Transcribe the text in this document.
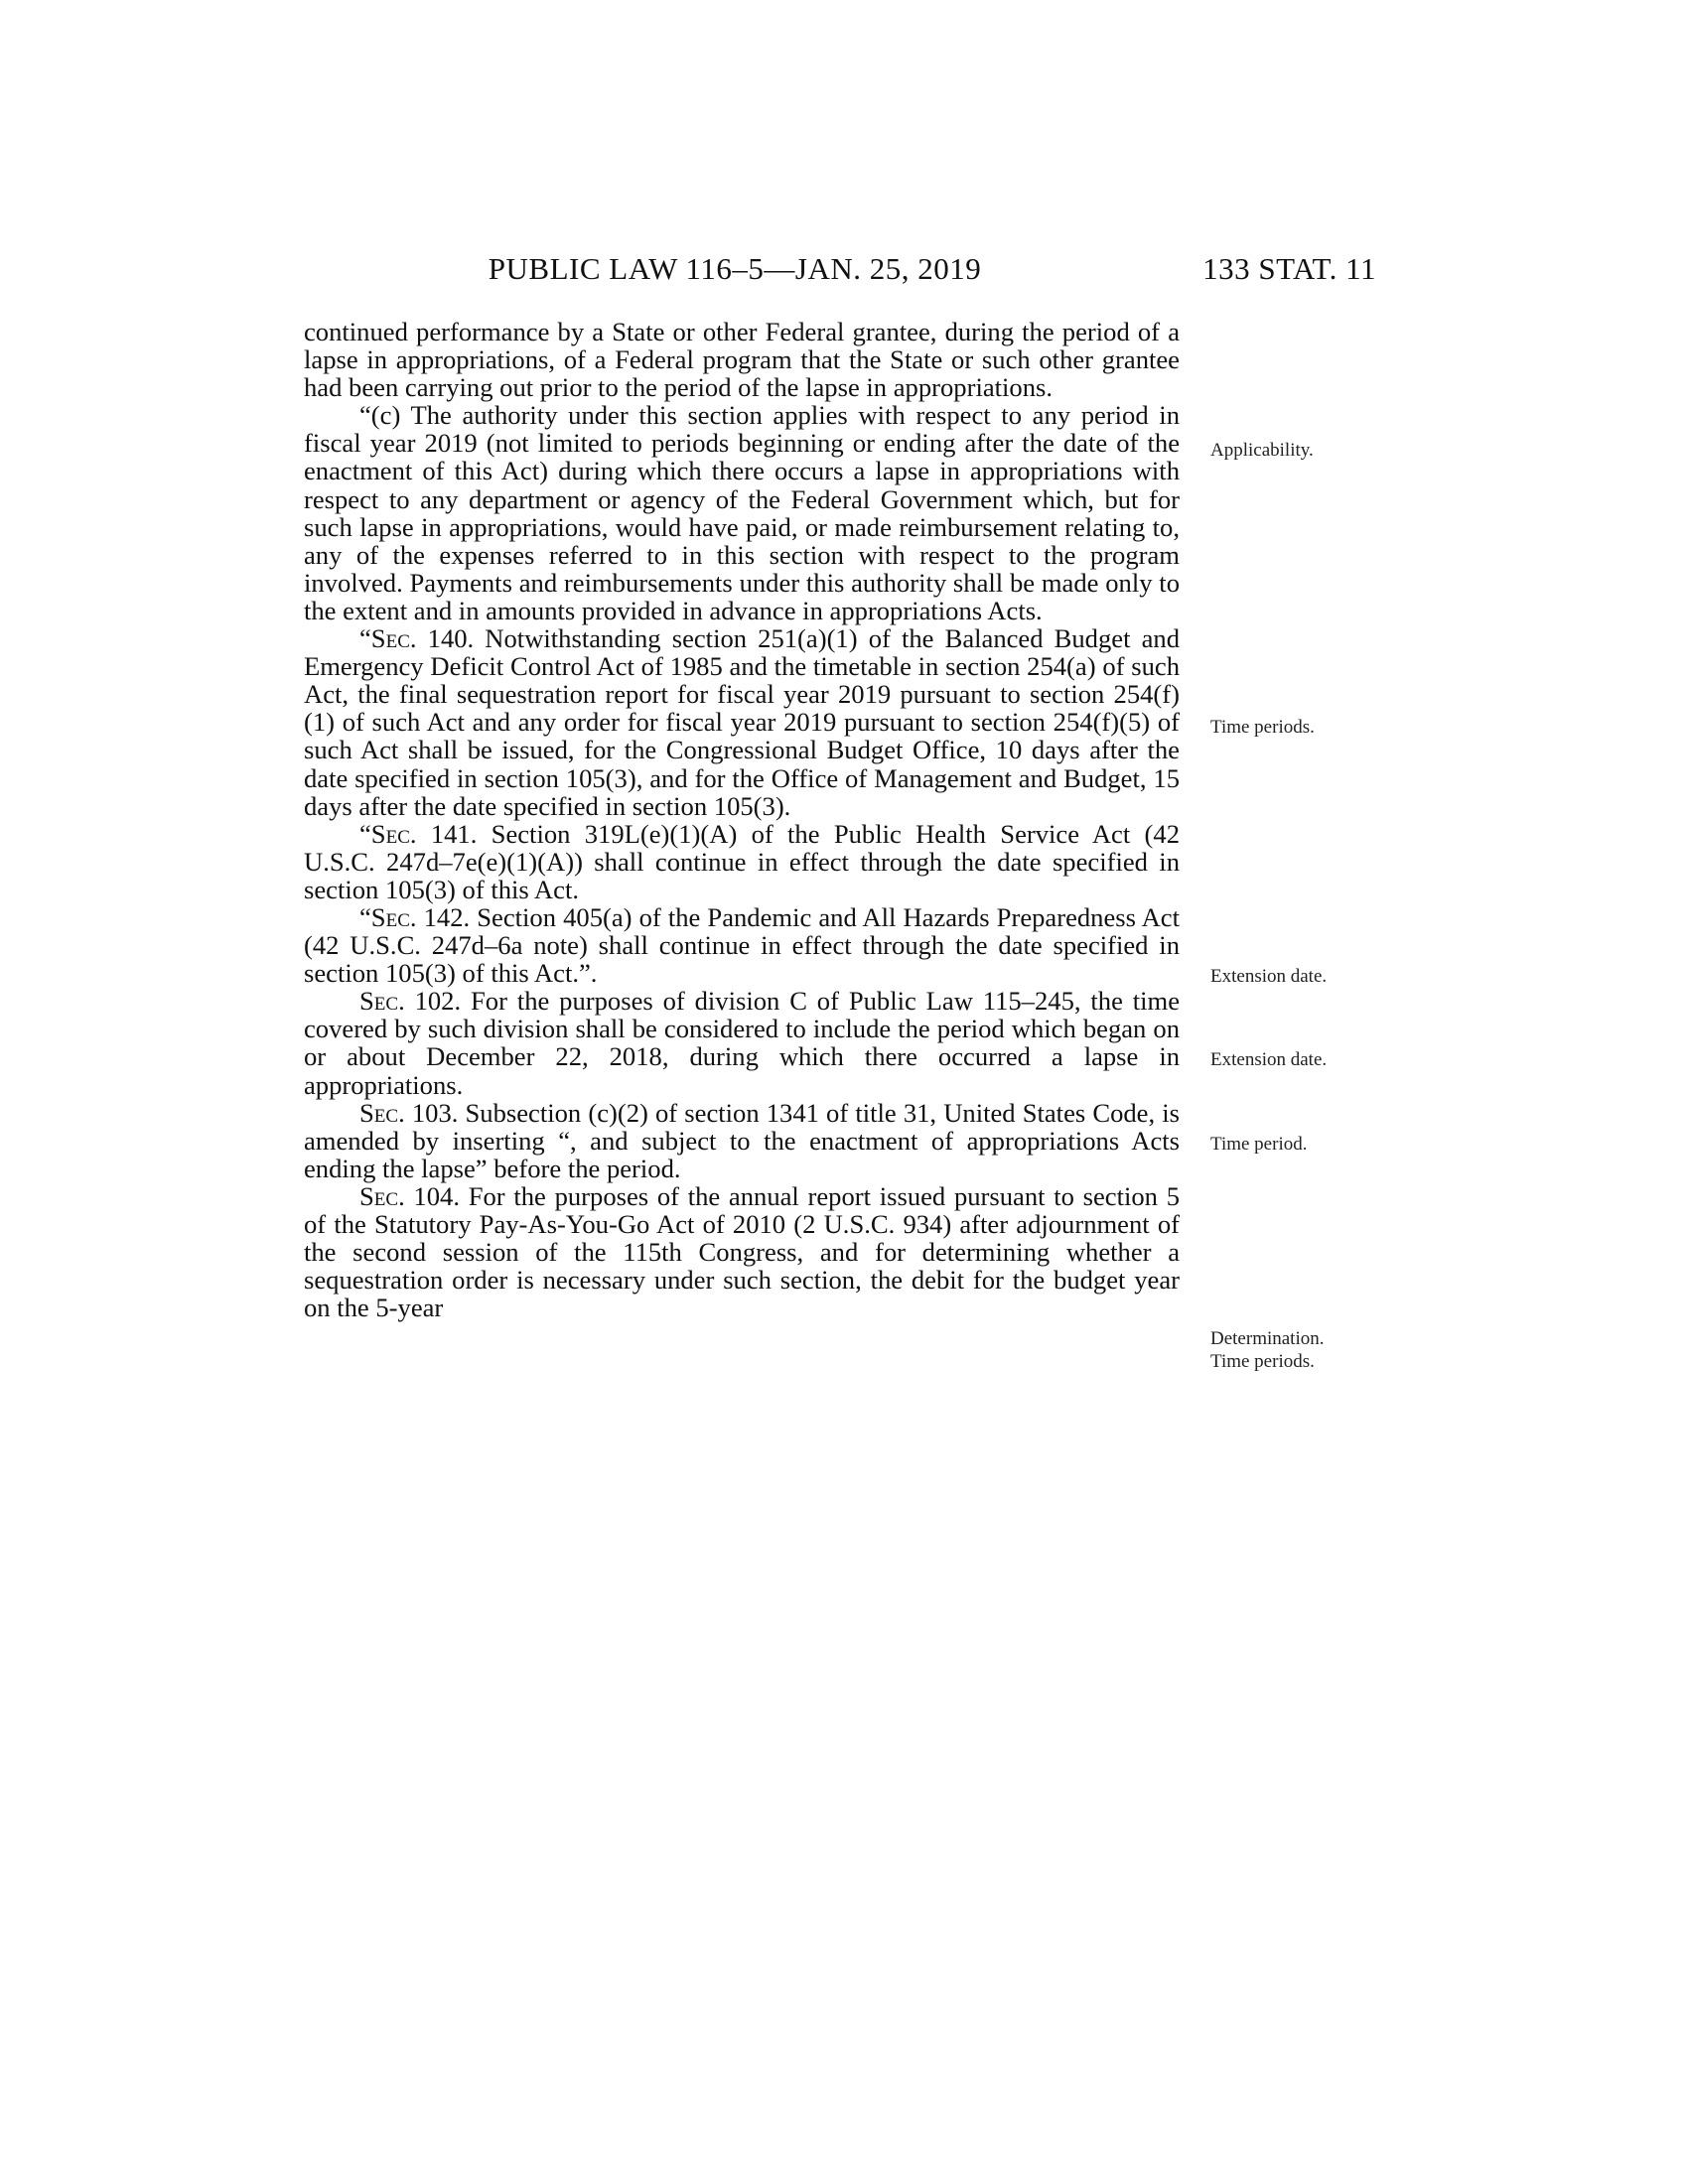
PUBLIC LAW 116–5—JAN. 25, 2019	133 STAT. 11

continued performance by a State or other Federal grantee, during the period of a lapse in appropriations, of a Federal program that the State or such other grantee had been carrying out prior to the period of the lapse in appropriations.

“(c) The authority under this section applies with respect to any period in fiscal year 2019 (not limited to periods beginning or ending after the date of the enactment of this Act) during which there occurs a lapse in appropriations with respect to any department or agency of the Federal Government which, but for such lapse in appropriations, would have paid, or made reimbursement relating to, any of the expenses referred to in this section with respect to the program involved. Payments and reimbursements under this authority shall be made only to the extent and in amounts provided in advance in appropriations Acts.

“Sec. 140. Notwithstanding section 251(a)(1) of the Balanced Budget and Emergency Deficit Control Act of 1985 and the timetable in section 254(a) of such Act, the final sequestration report for fiscal year 2019 pursuant to section 254(f)(1) of such Act and any order for fiscal year 2019 pursuant to section 254(f)(5) of such Act shall be issued, for the Congressional Budget Office, 10 days after the date specified in section 105(3), and for the Office of Management and Budget, 15 days after the date specified in section 105(3).

“Sec. 141. Section 319L(e)(1)(A) of the Public Health Service Act (42 U.S.C. 247d–7e(e)(1)(A)) shall continue in effect through the date specified in section 105(3) of this Act.

“Sec. 142. Section 405(a) of the Pandemic and All Hazards Preparedness Act (42 U.S.C. 247d–6a note) shall continue in effect through the date specified in section 105(3) of this Act.”.

Sec. 102. For the purposes of division C of Public Law 115–245, the time covered by such division shall be considered to include the period which began on or about December 22, 2018, during which there occurred a lapse in appropriations.

Sec. 103. Subsection (c)(2) of section 1341 of title 31, United States Code, is amended by inserting “, and subject to the enactment of appropriations Acts ending the lapse” before the period.

Sec. 104. For the purposes of the annual report issued pursuant to section 5 of the Statutory Pay-As-You-Go Act of 2010 (2 U.S.C. 934) after adjournment of the second session of the 115th Congress, and for determining whether a sequestration order is necessary under such section, the debit for the budget year on the 5-year

Applicability.
Time periods.
Extension date.
Extension date.
Time period.
Determination.
Time periods.
